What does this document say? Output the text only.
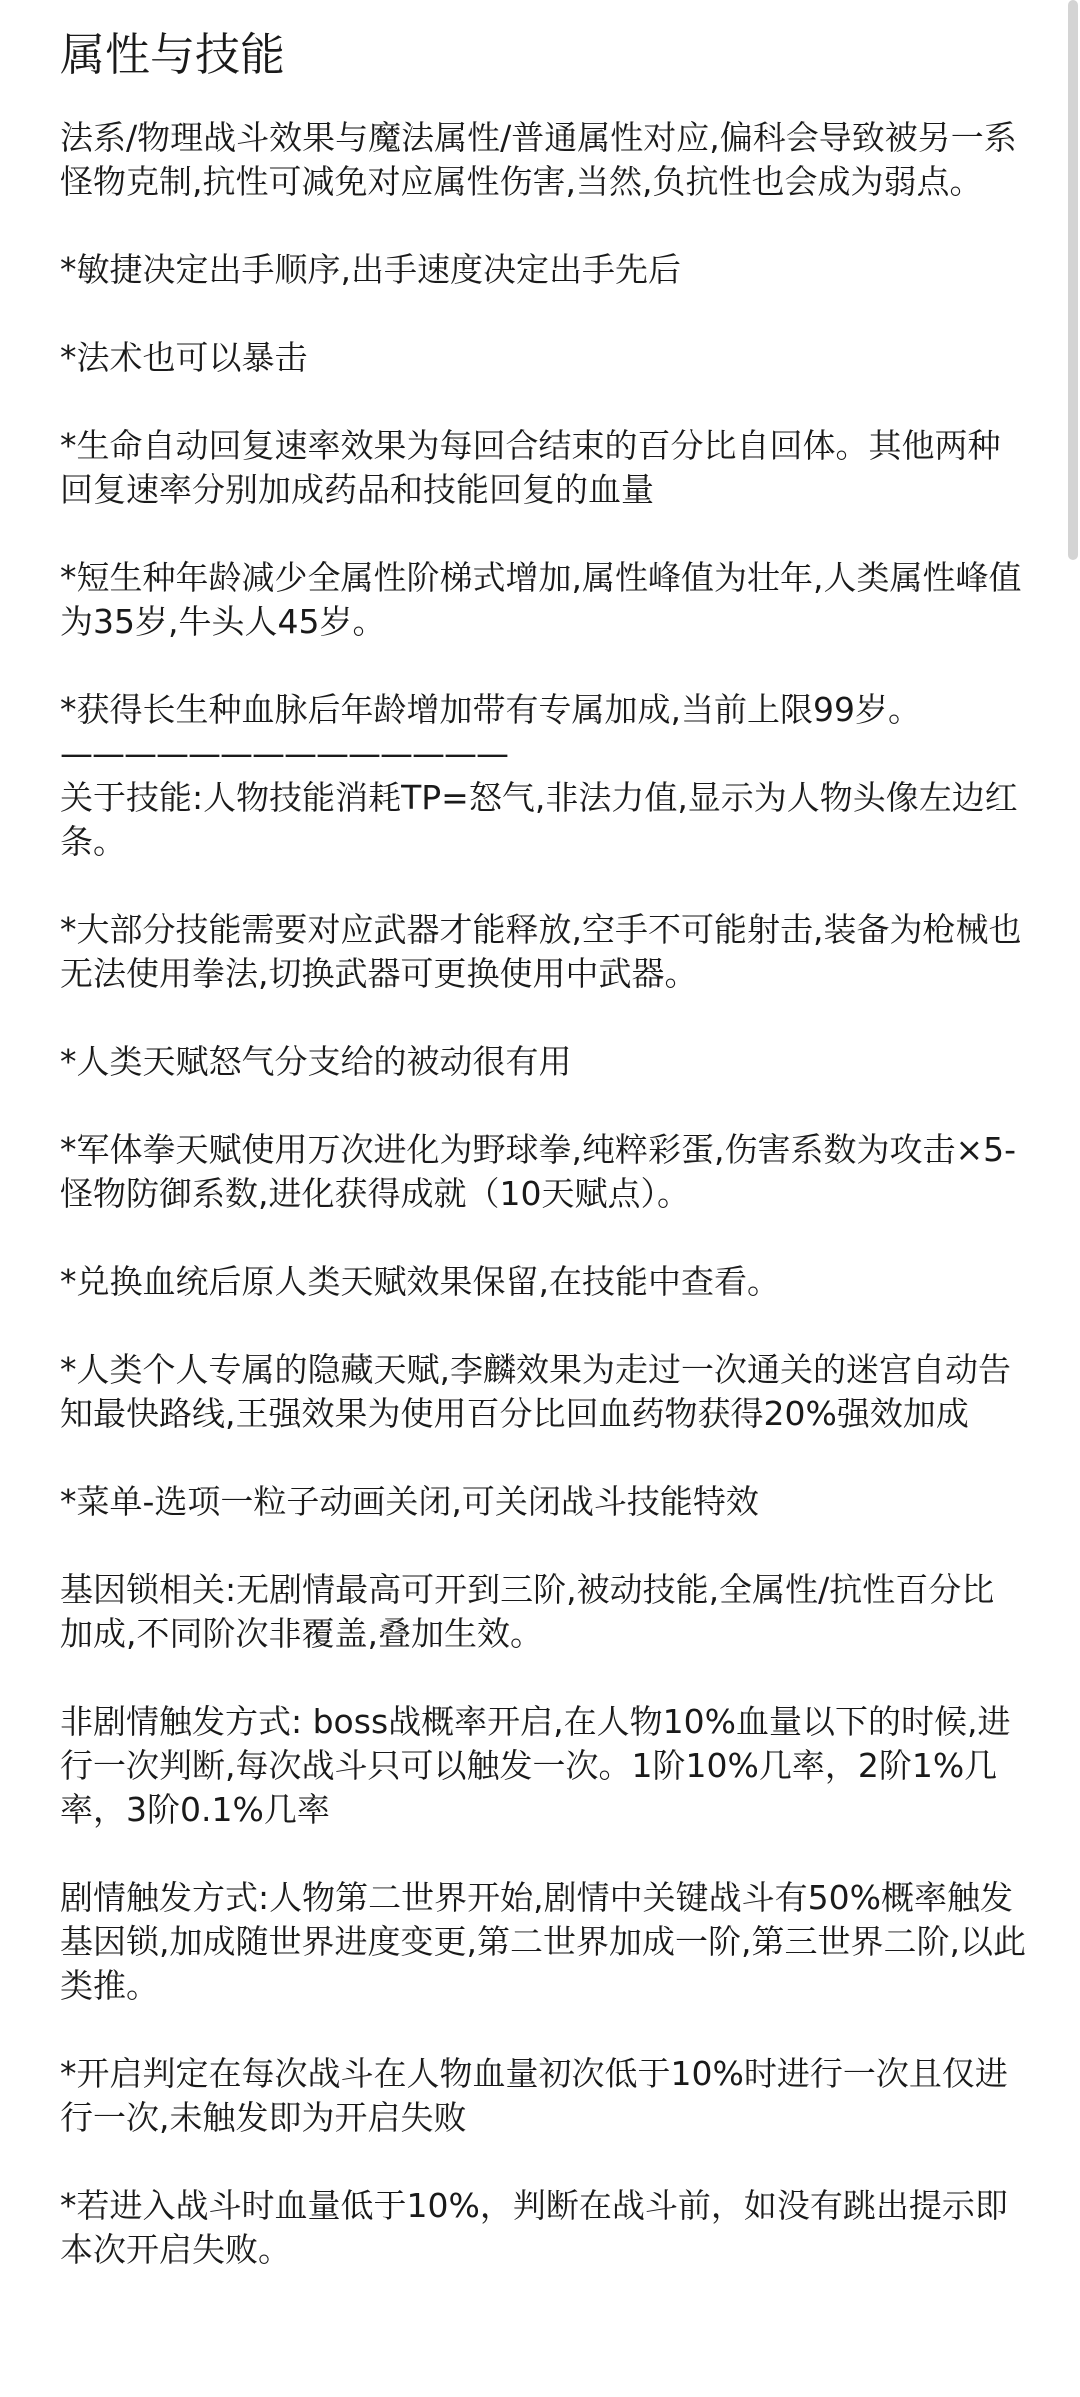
属性与技能

法系/物理战斗效果与魔法属性/普通属性对应,偏科会导致被另一系怪物克制,抗性可减免对应属性伤害,当然,负抗性也会成为弱点。

*敏捷决定出手顺序,出手速度决定出手先后

*法术也可以暴击

*生命自动回复速率效果为每回合结束的百分比自回体。其他两种回复速率分别加成药品和技能回复的血量

*短生种年龄减少全属性阶梯式增加,属性峰值为壮年,人类属性峰值为35岁,牛头人45岁。

*获得长生种血脉后年龄增加带有专属加成,当前上限99岁。

——————————————

关于技能:人物技能消耗TP=怒气,非法力值,显示为人物头像左边红条。

*大部分技能需要对应武器才能释放,空手不可能射击,装备为枪械也无法使用拳法,切换武器可更换使用中武器。

*人类天赋怒气分支给的被动很有用

*军体拳天赋使用万次进化为野球拳,纯粹彩蛋,伤害系数为攻击×5-怪物防御系数,进化获得成就（10天赋点）。

*兑换血统后原人类天赋效果保留,在技能中查看。

*人类个人专属的隐藏天赋,李麟效果为走过一次通关的迷宫自动告知最快路线,王强效果为使用百分比回血药物获得20%强效加成

*菜单-选项一粒子动画关闭,可关闭战斗技能特效

基因锁相关:无剧情最高可开到三阶,被动技能,全属性/抗性百分比加成,不同阶次非覆盖,叠加生效。

非剧情触发方式: boss战概率开启,在人物10%血量以下的时候,进行一次判断,每次战斗只可以触发一次。1阶10%几率，2阶1%几率，3阶0.1%几率

剧情触发方式:人物第二世界开始,剧情中关键战斗有50%概率触发基因锁,加成随世界进度变更,第二世界加成一阶,第三世界二阶,以此类推。

*开启判定在每次战斗在人物血量初次低于10%时进行一次且仅进行一次,未触发即为开启失败

*若进入战斗时血量低于10%，判断在战斗前，如没有跳出提示即本次开启失败。
